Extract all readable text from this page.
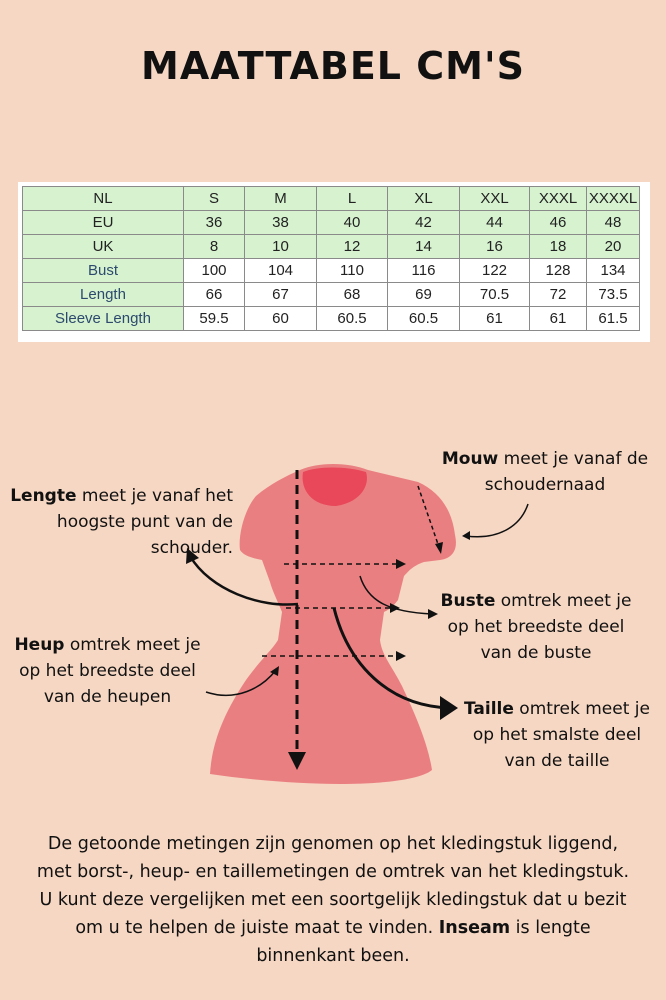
MAATTABEL CM'S
NL	S	M	L	XL	XXL	XXXL	XXXXL
EU	36	38	40	42	44	46	48
UK	8	10	12	14	16	18	20
Bust	100	104	110	116	122	128	134
Length	66	67	68	69	70.5	72	73.5
Sleeve Length	59.5	60	60.5	60.5	61	61	61.5
Lengte meet je vanaf het hoogste punt van de schouder.
Mouw meet je vanaf de schoudernaad
Heup omtrek meet je op het breedste deel van de heupen
Buste omtrek meet je op het breedste deel van de buste
Taille omtrek meet je op het smalste deel van de taille
De getoonde metingen zijn genomen op het kledingstuk liggend, met borst-, heup- en taillemetingen de omtrek van het kledingstuk. U kunt deze vergelijken met een soortgelijk kledingstuk dat u bezit om u te helpen de juiste maat te vinden. Inseam is lengte binnenkant been.
